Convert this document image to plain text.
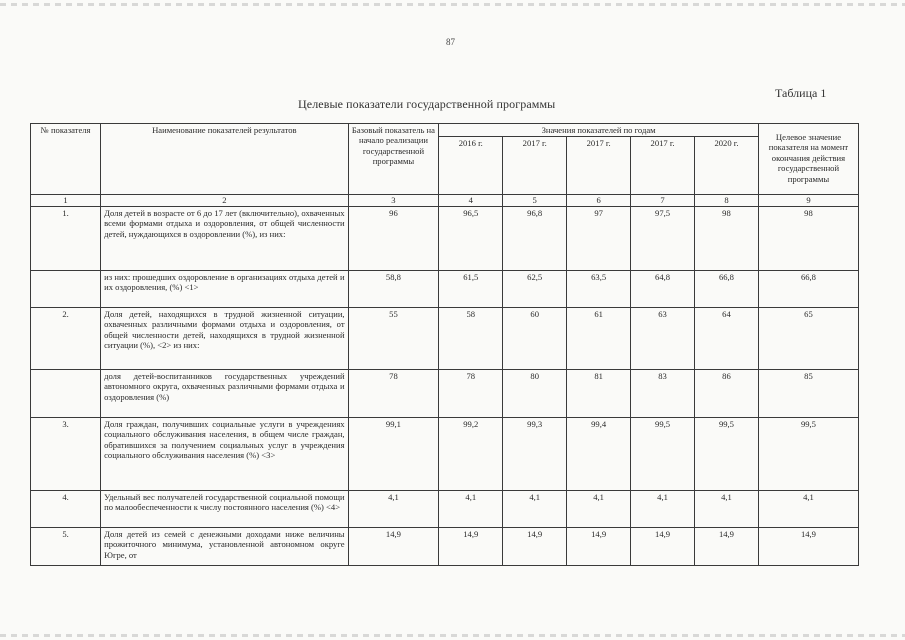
87
Таблица 1
Целевые показатели государственной программы
№ показателя	Наименование показателей результатов	Базовый показатель на начало реализации государственной программы	Значения показателей по годам					Целевое значение показателя на момент окончания действия государственной программы
			2016 г.	2017 г.	2017 г.	2017 г.	2020 г.	
1	2	3	4	5	6	7	8	9
1.	Доля детей в возрасте от 6 до 17 лет (включительно), охваченных всеми формами отдыха и оздоровления, от общей численности детей, нуждающихся в оздоровлении (%), из них:	96	96,5	96,8	97	97,5	98	98
	из них: прошедших оздоровление в организациях отдыха детей и их оздоровления, (%) <1>	58,8	61,5	62,5	63,5	64,8	66,8	66,8
2.	Доля детей, находящихся в трудной жизненной ситуации, охваченных различными формами отдыха и оздоровления, от общей численности детей, находящихся в трудной жизненной ситуации (%), <2> из них:	55	58	60	61	63	64	65
	доля детей-воспитанников государственных учреждений автономного округа, охваченных различными формами отдыха и оздоровления (%)	78	78	80	81	83	86	85
3.	Доля граждан, получивших социальные услуги в учреждениях социального обслуживания населения, в общем числе граждан, обратившихся за получением социальных услуг в учреждения социального обслуживания населения (%) <3>	99,1	99,2	99,3	99,4	99,5	99,5	99,5
4.	Удельный вес получателей государственной социальной помощи по малообеспеченности к числу постоянного населения (%) <4>	4,1	4,1	4,1	4,1	4,1	4,1	4,1
5.	Доля детей из семей с денежными доходами ниже величины прожиточного минимума, установленной автономном округе Югре, от	14,9	14,9	14,9	14,9	14,9	14,9	14,9
